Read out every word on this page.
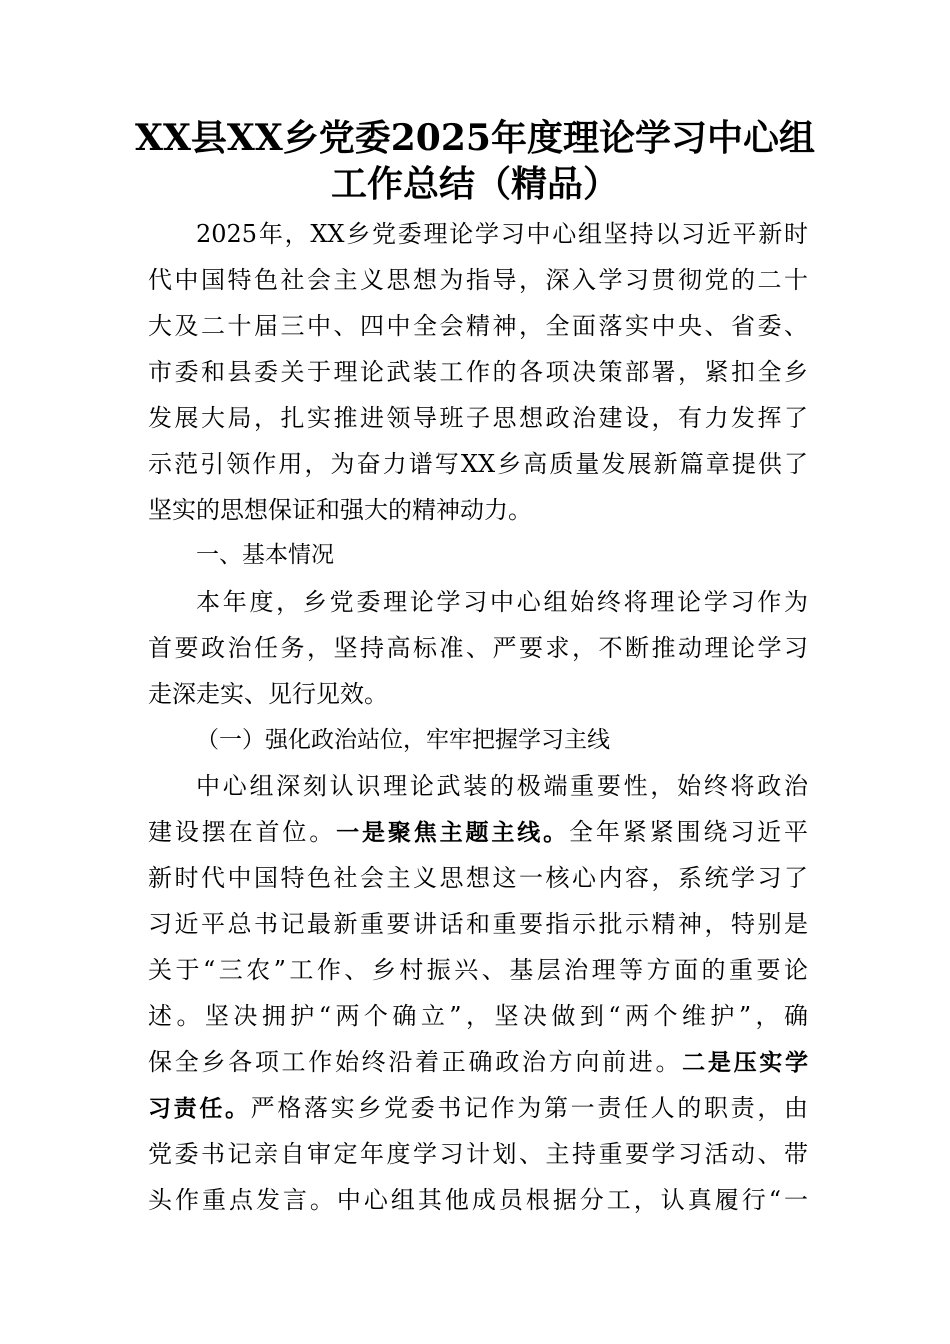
XX县XX乡党委2025年度理论学习中心组
工作总结（精品）

2025年，XX乡党委理论学习中心组坚持以习近平新时

代中国特色社会主义思想为指导，深入学习贯彻党的二十

大及二十届三中、四中全会精神，全面落实中央、省委、

市委和县委关于理论武装工作的各项决策部署，紧扣全乡

发展大局，扎实推进领导班子思想政治建设，有力发挥了

示范引领作用，为奋力谱写XX乡高质量发展新篇章提供了

坚实的思想保证和强大的精神动力。

一、基本情况

本年度，乡党委理论学习中心组始终将理论学习作为

首要政治任务，坚持高标准、严要求，不断推动理论学习

走深走实、见行见效。

（一）强化政治站位，牢牢把握学习主线

中心组深刻认识理论武装的极端重要性，始终将政治

建设摆在首位。一是聚焦主题主线。全年紧紧围绕习近平

新时代中国特色社会主义思想这一核心内容，系统学习了

习近平总书记最新重要讲话和重要指示批示精神，特别是

关于“三农”工作、乡村振兴、基层治理等方面的重要论

述。坚决拥护“两个确立”，坚决做到“两个维护”，确

保全乡各项工作始终沿着正确政治方向前进。二是压实学

习责任。严格落实乡党委书记作为第一责任人的职责，由

党委书记亲自审定年度学习计划、主持重要学习活动、带

头作重点发言。中心组其他成员根据分工，认真履行“一
